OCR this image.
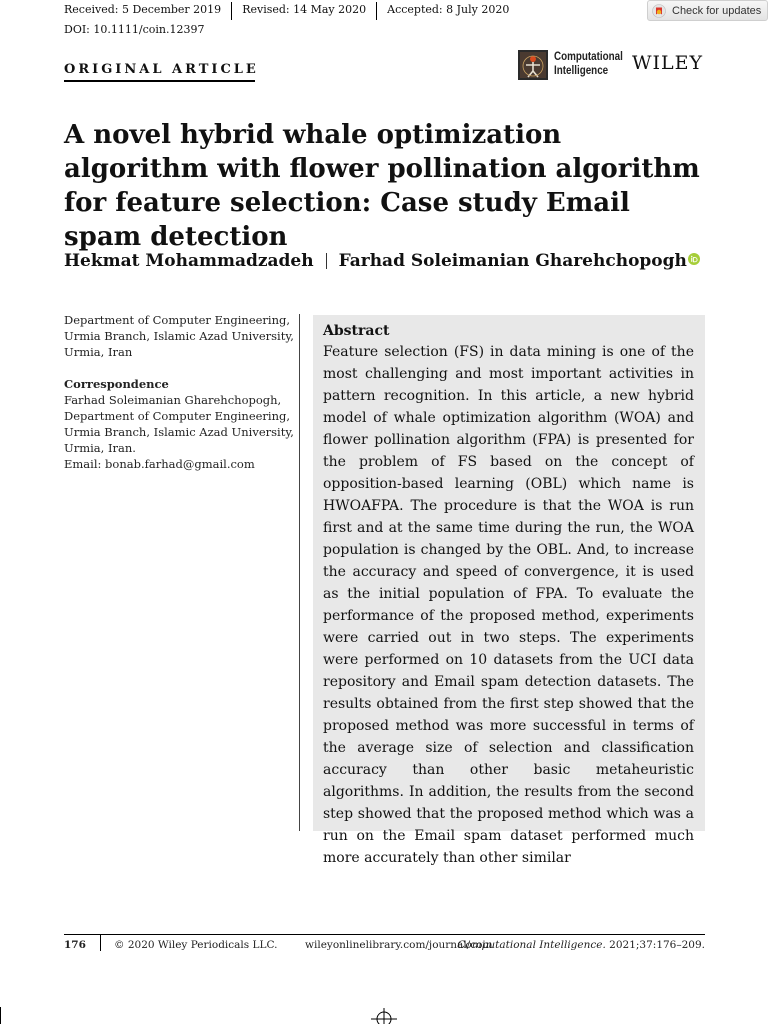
Received: 5 December 2019	Revised: 14 May 2020	Accepted: 8 July 2020
DOI: 10.1111/coin.12397
Check for updates
ORIGINAL ARTICLE
Computational
Intelligence WILEY
A novel hybrid whale optimization algorithm with flower pollination algorithm for feature selection: Case study Email spam detection
Hekmat Mohammadzadeh Farhad Soleimanian Gharehchopogh

Department of Computer Engineering,

Urmia Branch, Islamic Azad University,

Urmia, Iran

Correspondence

Farhad Soleimanian Gharehchopogh,

Department of Computer Engineering,

Urmia Branch, Islamic Azad University,

Urmia, Iran.

Email: bonab.farhad@gmail.com

Abstract

Feature selection (FS) in data mining is one of the most challenging and most important activities in pattern recognition. In this article, a new hybrid model of whale optimization algorithm (WOA) and flower pollination algorithm (FPA) is presented for the problem of FS based on the concept of opposition-based learning (OBL) which name is HWOAFPA. The procedure is that the WOA is run first and at the same time during the run, the WOA population is changed by the OBL. And, to increase the accuracy and speed of convergence, it is used as the initial population of FPA. To evaluate the performance of the proposed method, experiments were carried out in two steps. The experiments were performed on 10 datasets from the UCI data repository and Email spam detection datasets. The results obtained from the first step showed that the proposed method was more successful in terms of the average size of selection and classification accuracy than other basic metaheuristic algorithms. In addition, the results from the second step showed that the proposed method which was a run on the Email spam dataset performed much more accurately than other similar

176	© 2020 Wiley Periodicals LLC.	wileyonlinelibrary.com/journal/coin
Computational Intelligence. 2021;37:176–209.
